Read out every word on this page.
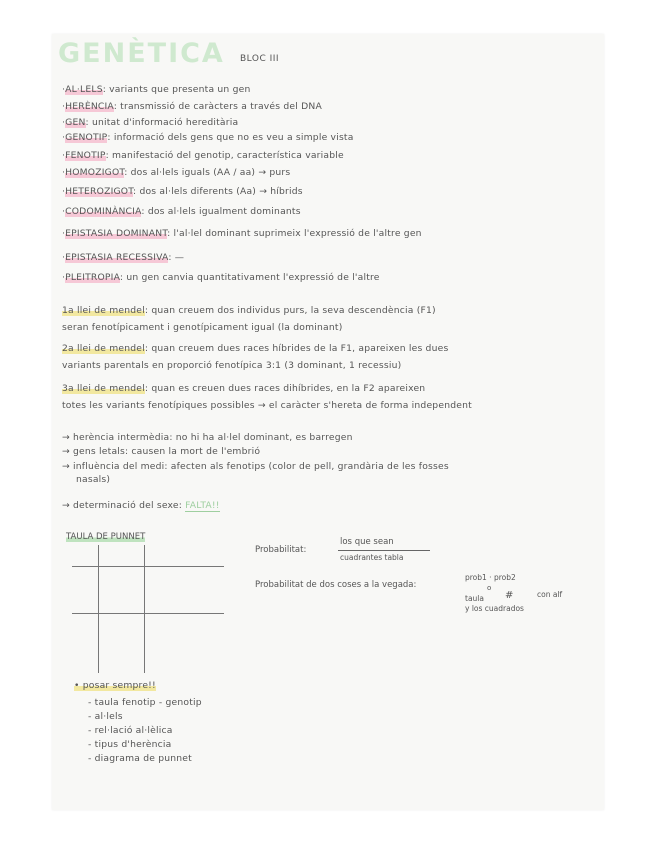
GENÈTICA BLOC III
·AL·LELS: variants que presenta un gen
·HERÈNCIA: transmissió de caràcters a través del DNA
·GEN: unitat d'informació hereditària
·GENOTIP: informació dels gens que no es veu a simple vista
·FENOTIP: manifestació del genotip, característica variable
·HOMOZIGOT: dos al·lels iguals (AA / aa) → purs
·HETEROZIGOT: dos al·lels diferents (Aa) → híbrids
·CODOMINÀNCIA: dos al·lels igualment dominants
·EPISTASIA DOMINANT: l'al·lel dominant suprimeix l'expressió de l'altre gen
·EPISTASIA RECESSIVA: —
·PLEITROPIA: un gen canvia quantitativament l'expressió de l'altre
1a llei de mendel: quan creuem dos individus purs, la seva descendència (F1)
seran fenotípicament i genotípicament igual (la dominant)
2a llei de mendel: quan creuem dues races híbrides de la F1, apareixen les dues
variants parentals en proporció fenotípica 3:1 (3 dominant, 1 recessiu)
3a llei de mendel: quan es creuen dues races dihíbrides, en la F2 apareixen
totes les variants fenotípiques possibles → el caràcter s'hereta de forma independent
→ herència intermèdia: no hi ha al·lel dominant, es barregen
→ gens letals: causen la mort de l'embrió
→ influència del medi: afecten als fenotips (color de pell, grandària de les fosses
nasals)
→ determinació del sexe: FALTA!!
TAULA DE PUNNET
Probabilitat:
los que sean
cuadrantes tabla
Probabilitat de dos coses a la vegada:
prob1 · prob2
o
taula #	con alf
y los cuadrados
• posar sempre!!
- taula fenotip - genotip
- al·lels
- rel·lació al·lèlica
- tipus d'herència
- diagrama de punnet
